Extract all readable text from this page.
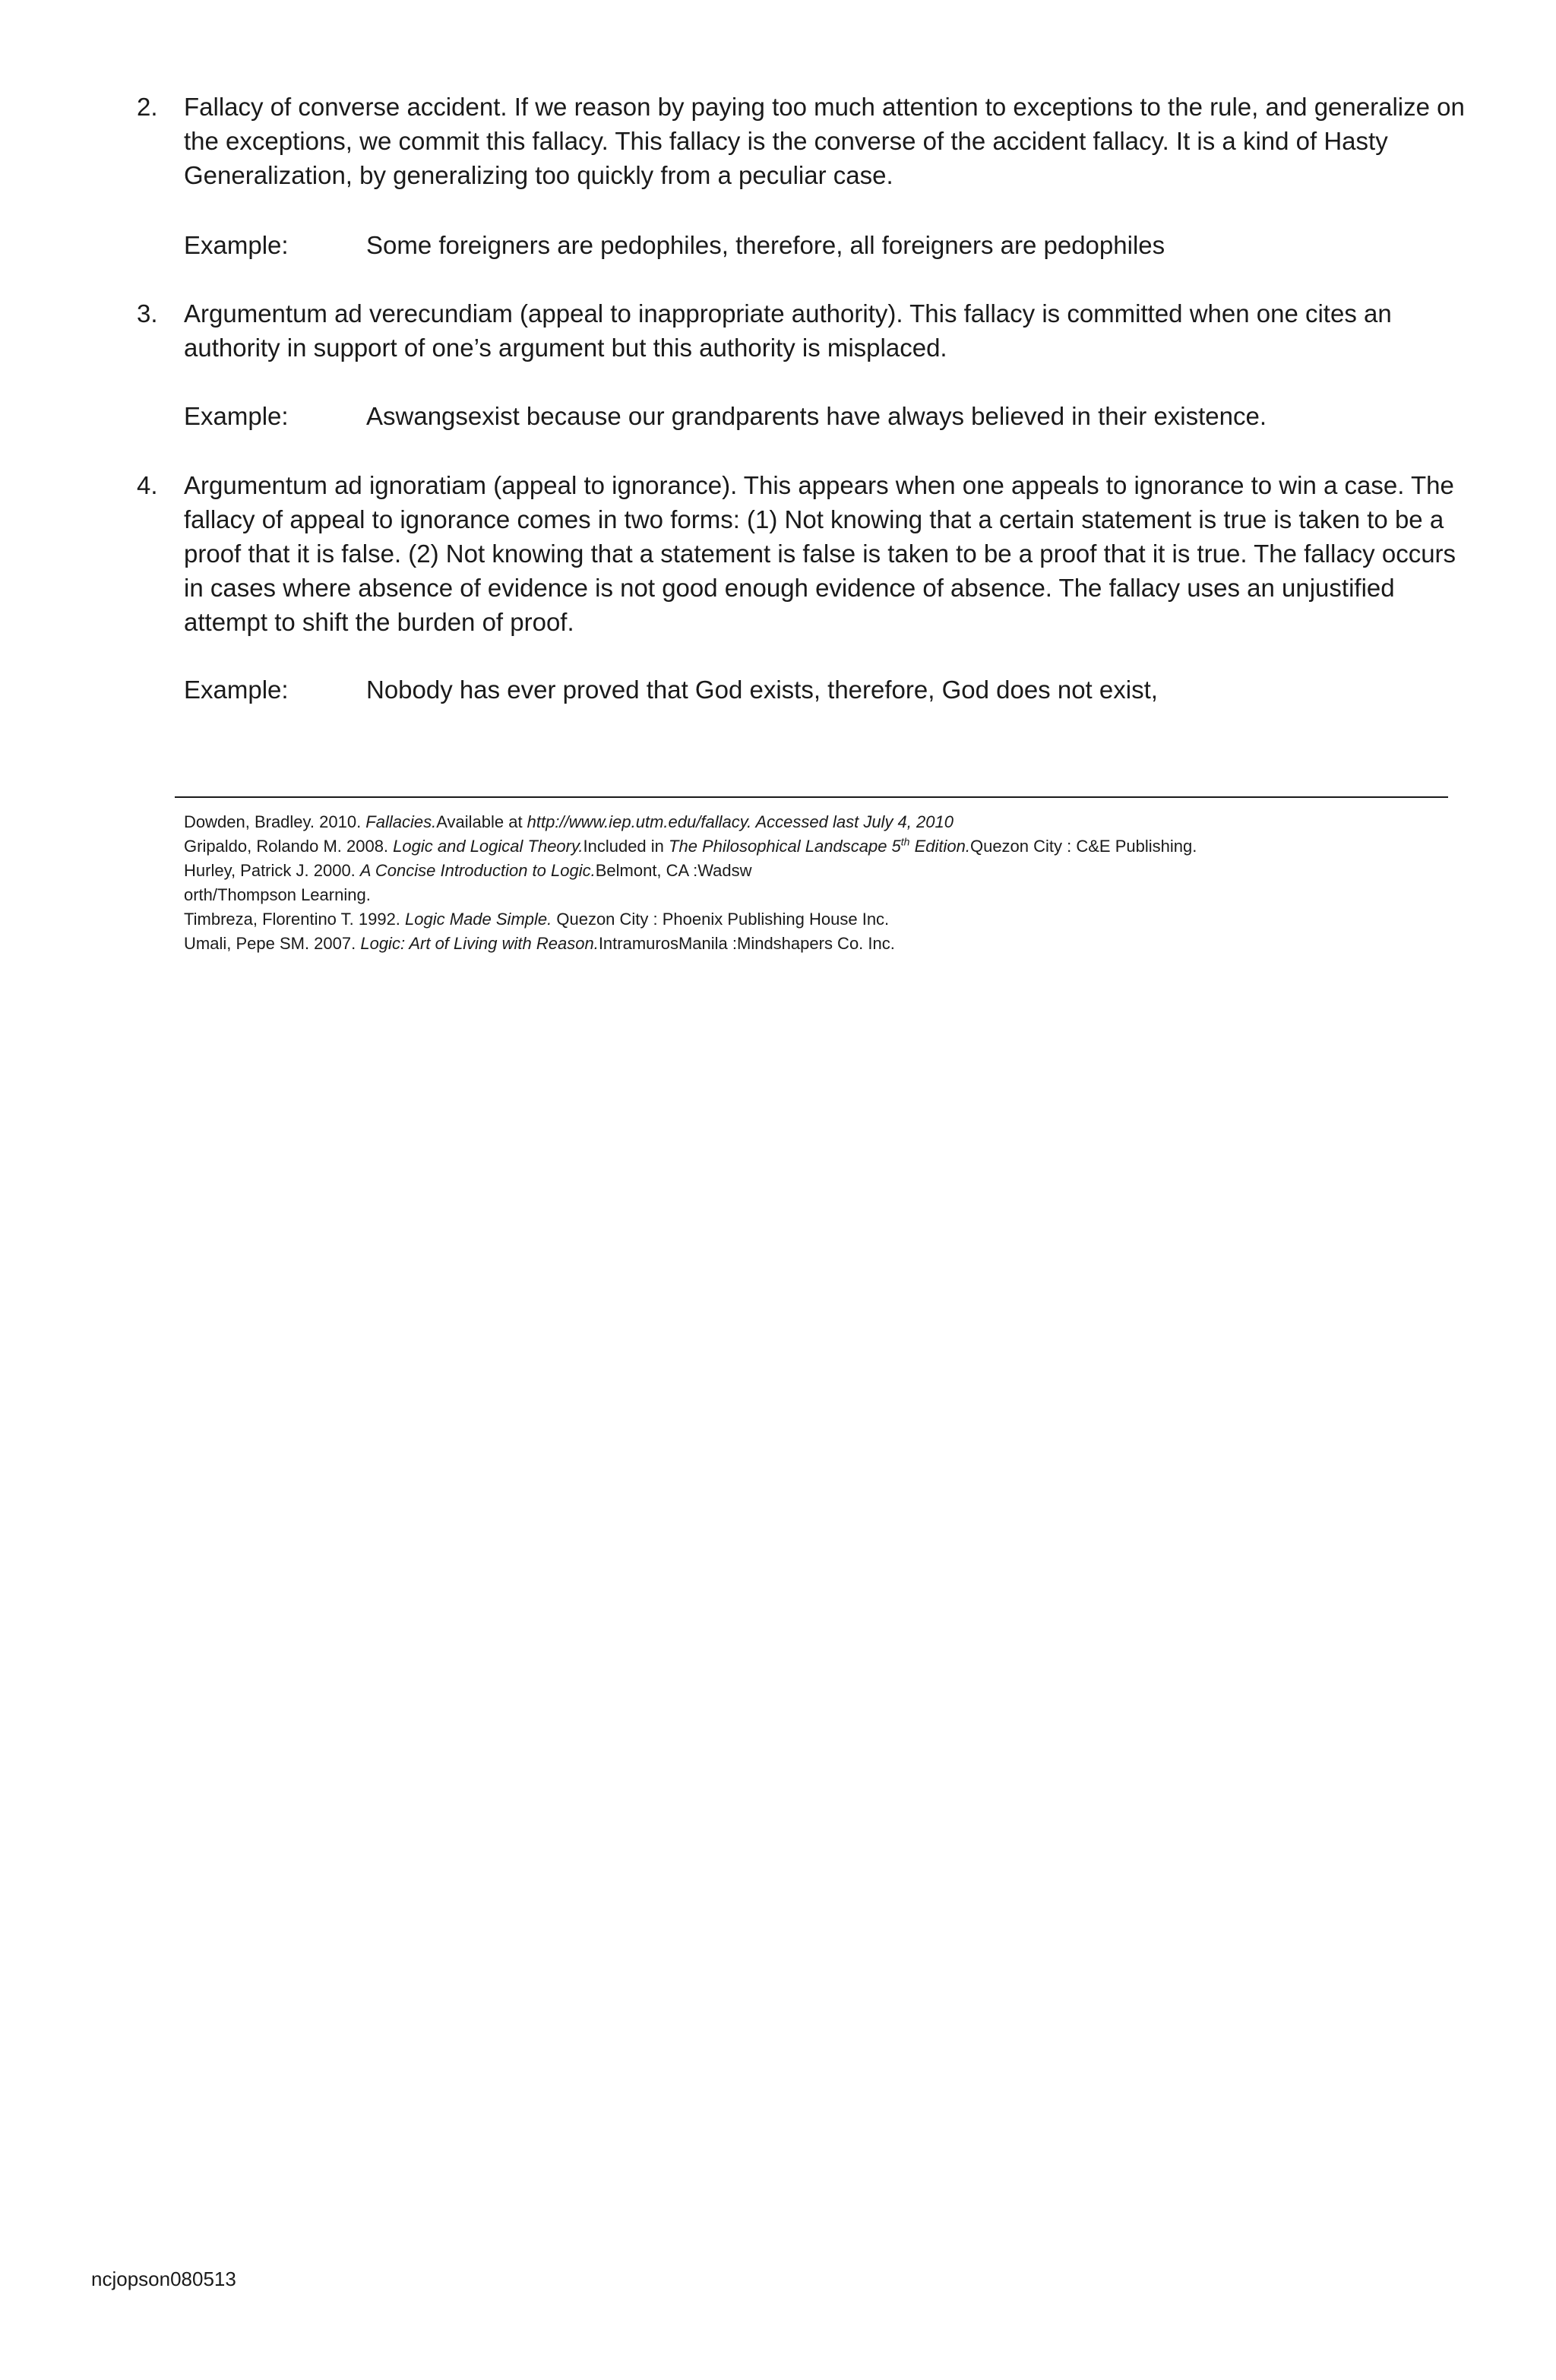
2. Fallacy of converse accident. If we reason by paying too much attention to exceptions to the rule, and generalize on the exceptions, we commit this fallacy. This fallacy is the converse of the accident fallacy. It is a kind of Hasty Generalization, by generalizing too quickly from a peculiar case.
Example:	Some foreigners are pedophiles, therefore, all foreigners are pedophiles
3. Argumentum ad verecundiam (appeal to inappropriate authority). This fallacy is committed when one cites an authority in support of one’s argument but this authority is misplaced.
Example:	Aswangsexist because our grandparents have always believed in their existence.
4. Argumentum ad ignoratiam (appeal to ignorance). This appears when one appeals to ignorance to win a case. The fallacy of appeal to ignorance comes in two forms: (1) Not knowing that a certain statement is true is taken to be a proof that it is false. (2) Not knowing that a statement is false is taken to be a proof that it is true. The fallacy occurs in cases where absence of evidence is not good enough evidence of absence. The fallacy uses an unjustified attempt to shift the burden of proof.
Example:	Nobody has ever proved that God exists, therefore, God does not exist,
Dowden, Bradley. 2010. Fallacies.Available at http://www.iep.utm.edu/fallacy. Accessed last July 4, 2010
Gripaldo, Rolando M. 2008. Logic and Logical Theory.Included in The Philosophical Landscape 5th Edition.Quezon City : C&E Publishing.
Hurley, Patrick J. 2000. A Concise Introduction to Logic.Belmont, CA :Wadsw
orth/Thompson Learning.
Timbreza, Florentino T. 1992. Logic Made Simple. Quezon City : Phoenix Publishing House Inc.
Umali, Pepe SM. 2007. Logic: Art of Living with Reason.IntramurosManila :Mindshapers Co. Inc.
ncjopson080513
